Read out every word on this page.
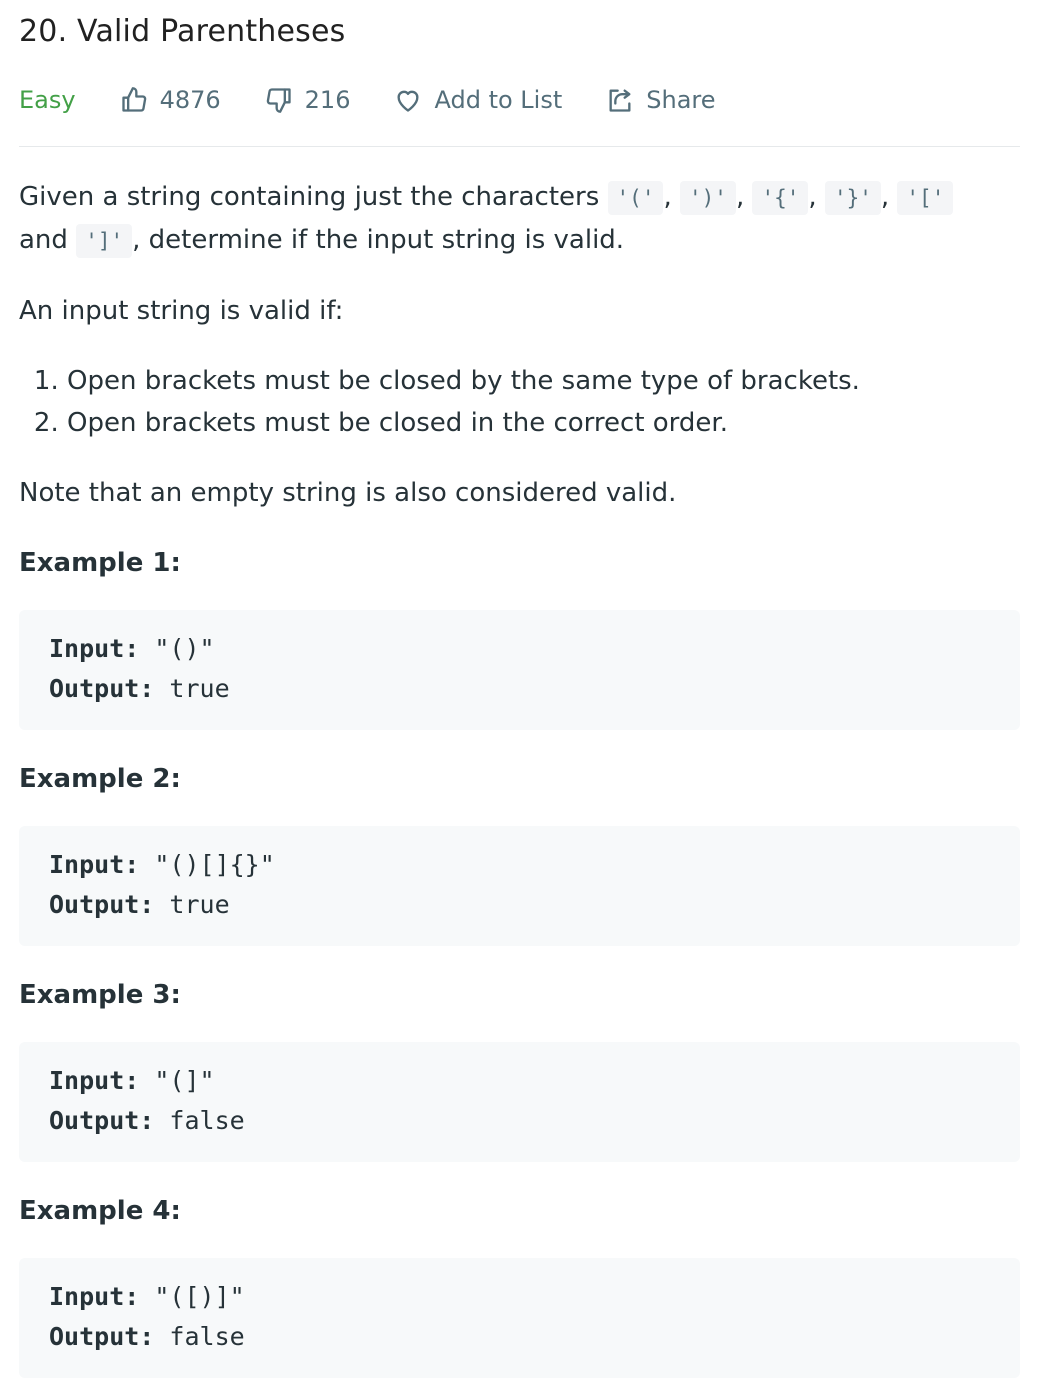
20. Valid Parentheses
Easy	4876	216	Add to List	Share

Given a string containing just the characters '(' , ')' , '{' , '}' , '['
and ']' , determine if the input string is valid.

An input string is valid if:

1. Open brackets must be closed by the same type of brackets.
2. Open brackets must be closed in the correct order.

Note that an empty string is also considered valid.

Example 1:
Input: "()"
Output: true
Example 2:
Input: "()[]{}"
Output: true
Example 3:
Input: "(]"
Output: false
Example 4:
Input: "([)]"
Output: false
